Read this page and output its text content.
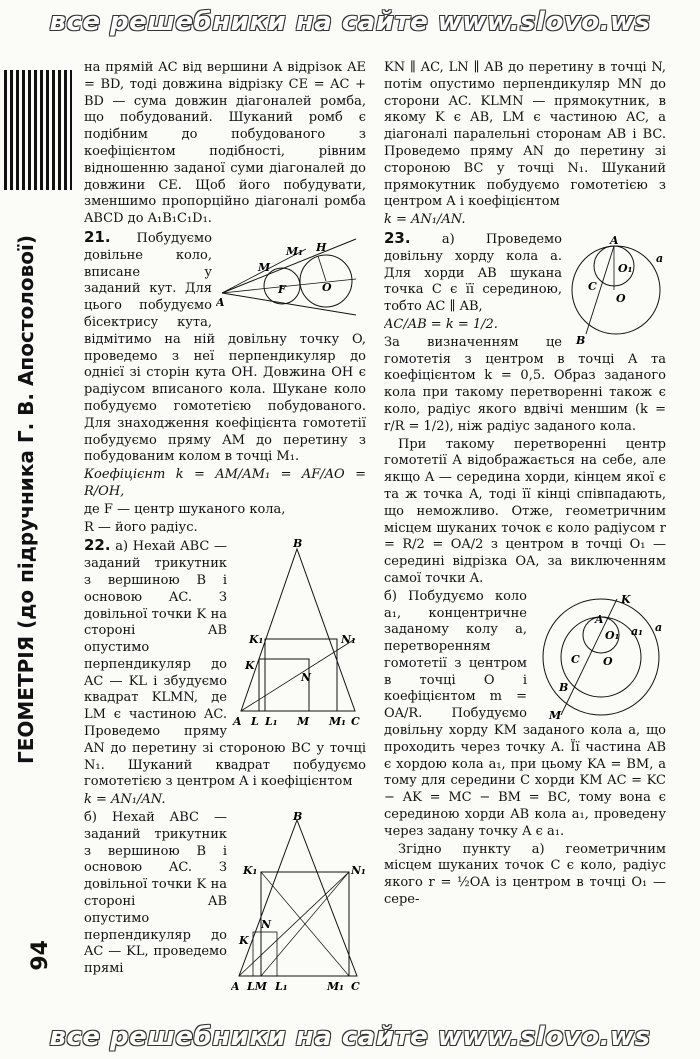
все решебники на сайте www.slovo.ws
ГЕОМЕТРІЯ (до підручника Г. В. Апостолової)
94

на прямій AC від вершини A відрізок AE = BD, тоді довжина відрізку CE = AC + BD — сума довжин діагоналей ромба, що побудований. Шуканий ромб є подібним до побудованого з коефіцієнтом подібності, рівним відношенню заданої суми діагоналей до довжини CE. Щоб його побудувати, зменшимо пропорційно діагоналі ромба ABCD до A₁B₁C₁D₁.

A
M
M₁ H
F	O
21. Побудуємо довільне коло, вписане у заданий кут. Для цього побудуємо бісектрису кута, відмітимо на ній довільну точку O, проведемо з неї перпендикуляр до однієї зі сторін кута OH. Довжина OH є радіусом вписаного кола. Шукане коло побудуємо гомотетією побудованого. Для знаходження коефіцієнта гомотетії побудуємо пряму AM до перетину з побудованим колом в точці M₁.

Коефіцієнт k = AM/AM₁ = AF/AO = R/OH,

де F — центр шуканого кола,

R — його радіус.

A L L₁ M M₁ C
B
K₁
K
N
N₁
22. а) Нехай ABC — заданий трикутник з вершиною B і основою AC. З довільної точки K на стороні AB опустимо перпендикуляр до AC — KL і збудуємо квадрат KLMN, де LM є частиною AC. Проведемо пряму AN до перетину зі стороною BC у точці N₁. Шуканий квадрат побудуємо гомотетією з центром A і коефіцієнтом

k = AN₁/AN.

A LM L₁	M₁ C
B
K₁	N₁
K
N
б) Нехай ABC — заданий трикутник з вершиною B і основою AC. З довільної точки K на стороні AB опустимо перпендикуляр до AC — KL, проведемо прямі

KN ∥ AC, LN ∥ AB до перетину в точці N, потім опустимо перпендикуляр MN до сторони AC. KLMN — прямокутник, в якому K є AB, LM є частиною AC, а діагоналі паралельні сторонам AB і BC. Проведемо пряму AN до перетину зі стороною BC у точці N₁. Шуканий прямокутник побудуємо гомотетією з центром A і коефіцієнтом

k = AN₁/AN.

A
O₁
O
C
B
a
23. а) Проведемо довільну хорду кола a. Для хорди AB шукана точка C є її серединою, тобто AC ∥ AB,

AC/AB = k = 1/2.

За визначенням це гомотетія з центром в точці A та коефіцієнтом k = 0,5. Образ заданого кола при такому перетворенні також є коло, радіус якого вдвічі меншим (k = r/R = 1/2), ніж радіус заданого кола.

При такому перетворенні центр гомотетії A відображається на себе, але якщо A — середина хорди, кінцем якої є та ж точка A, тоді її кінці співпадають, що неможливо. Отже, геометричним місцем шуканих точок є коло радіусом r = R/2 = OA/2 з центром в точці O₁ — середині відрізка OA, за виключенням самої точки A.

K
A
O₁
O
C
B
M
a
a₁
б) Побудуємо коло a₁, концентричне заданому колу a, перетворенням гомотетії з центром в точці O і коефіцієнтом m = OA/R. Побудуємо довільну хорду KM заданого кола a, що проходить через точку A. Її частина AB є хордою кола a₁, при цьому KA = BM, а тому для середини C хорди KM AC = KC − AK = MC − BM = BC, тому вона є серединою хорди AB кола a₁, проведену через задану точку A є a₁.

Згідно пункту а) геометричним місцем шуканих точок C є коло, радіус якого r = ½OA із центром в точці O₁ — сере-

все решебники на сайте www.slovo.ws
